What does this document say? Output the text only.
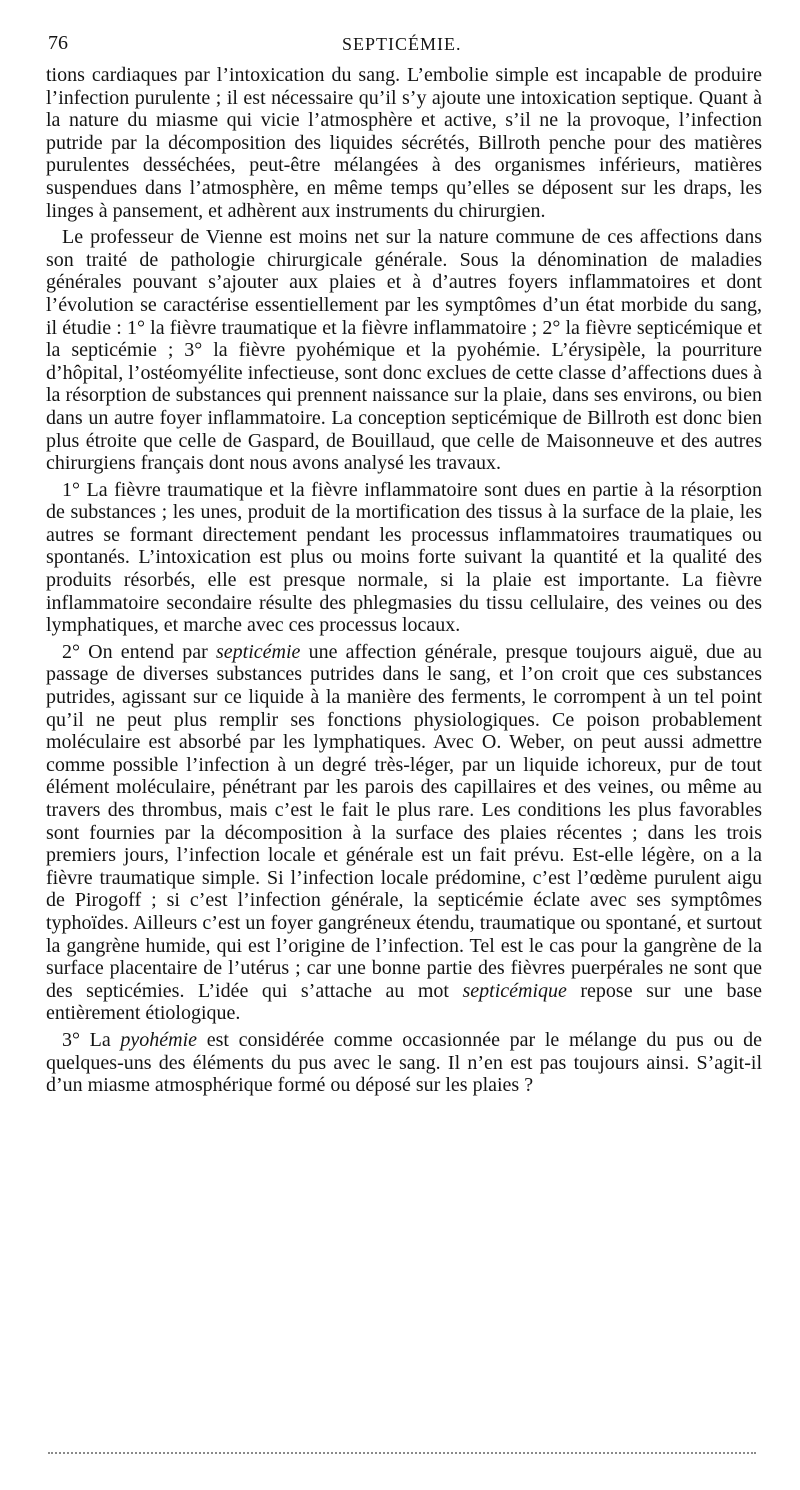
76	SEPTICÉMIE.

tions cardiaques par l’intoxication du sang. L’embolie simple est incapable de produire l’infection purulente ; il est nécessaire qu’il s’y ajoute une intoxication septique. Quant à la nature du miasme qui vicie l’atmosphère et active, s’il ne la provoque, l’infection putride par la décomposition des liquides sécrétés, Billroth penche pour des matières purulentes desséchées, peut-être mélangées à des organismes inférieurs, matières suspendues dans l’atmosphère, en même temps qu’elles se déposent sur les draps, les linges à pansement, et adhèrent aux instruments du chirurgien.

Le professeur de Vienne est moins net sur la nature commune de ces affections dans son traité de pathologie chirurgicale générale. Sous la dénomination de maladies générales pouvant s’ajouter aux plaies et à d’autres foyers inflammatoires et dont l’évolution se caractérise essentiellement par les symptômes d’un état morbide du sang, il étudie : 1° la fièvre traumatique et la fièvre inflammatoire ; 2° la fièvre septicémique et la septicémie ; 3° la fièvre pyohémique et la pyohémie. L’érysipèle, la pourriture d’hôpital, l’ostéomyélite infectieuse, sont donc exclues de cette classe d’affections dues à la résorption de substances qui prennent naissance sur la plaie, dans ses environs, ou bien dans un autre foyer inflammatoire. La conception septicémique de Billroth est donc bien plus étroite que celle de Gaspard, de Bouillaud, que celle de Maisonneuve et des autres chirurgiens français dont nous avons analysé les travaux.

1° La fièvre traumatique et la fièvre inflammatoire sont dues en partie à la résorption de substances ; les unes, produit de la mortification des tissus à la surface de la plaie, les autres se formant directement pendant les processus inflammatoires traumatiques ou spontanés. L’intoxication est plus ou moins forte suivant la quantité et la qualité des produits résorbés, elle est presque normale, si la plaie est importante. La fièvre inflammatoire secondaire résulte des phlegmasies du tissu cellulaire, des veines ou des lymphatiques, et marche avec ces processus locaux.

2° On entend par septicémie une affection générale, presque toujours aiguë, due au passage de diverses substances putrides dans le sang, et l’on croit que ces substances putrides, agissant sur ce liquide à la manière des ferments, le corrompent à un tel point qu’il ne peut plus remplir ses fonctions physiologiques. Ce poison probablement moléculaire est absorbé par les lymphatiques. Avec O. Weber, on peut aussi admettre comme possible l’infection à un degré très-léger, par un liquide ichoreux, pur de tout élément moléculaire, pénétrant par les parois des capillaires et des veines, ou même au travers des thrombus, mais c’est le fait le plus rare. Les conditions les plus favorables sont fournies par la décomposition à la surface des plaies récentes ; dans les trois premiers jours, l’infection locale et générale est un fait prévu. Est-elle légère, on a la fièvre traumatique simple. Si l’infection locale prédomine, c’est l’œdème purulent aigu de Pirogoff ; si c’est l’infection générale, la septicémie éclate avec ses symptômes typhoïdes. Ailleurs c’est un foyer gangréneux étendu, traumatique ou spontané, et surtout la gangrène humide, qui est l’origine de l’infection. Tel est le cas pour la gangrène de la surface placentaire de l’utérus ; car une bonne partie des fièvres puerpérales ne sont que des septicémies. L’idée qui s’attache au mot septicémique repose sur une base entièrement étiologique.

3° La pyohémie est considérée comme occasionnée par le mélange du pus ou de quelques-uns des éléments du pus avec le sang. Il n’en est pas toujours ainsi. S’agit-il d’un miasme atmosphérique formé ou déposé sur les plaies ?
